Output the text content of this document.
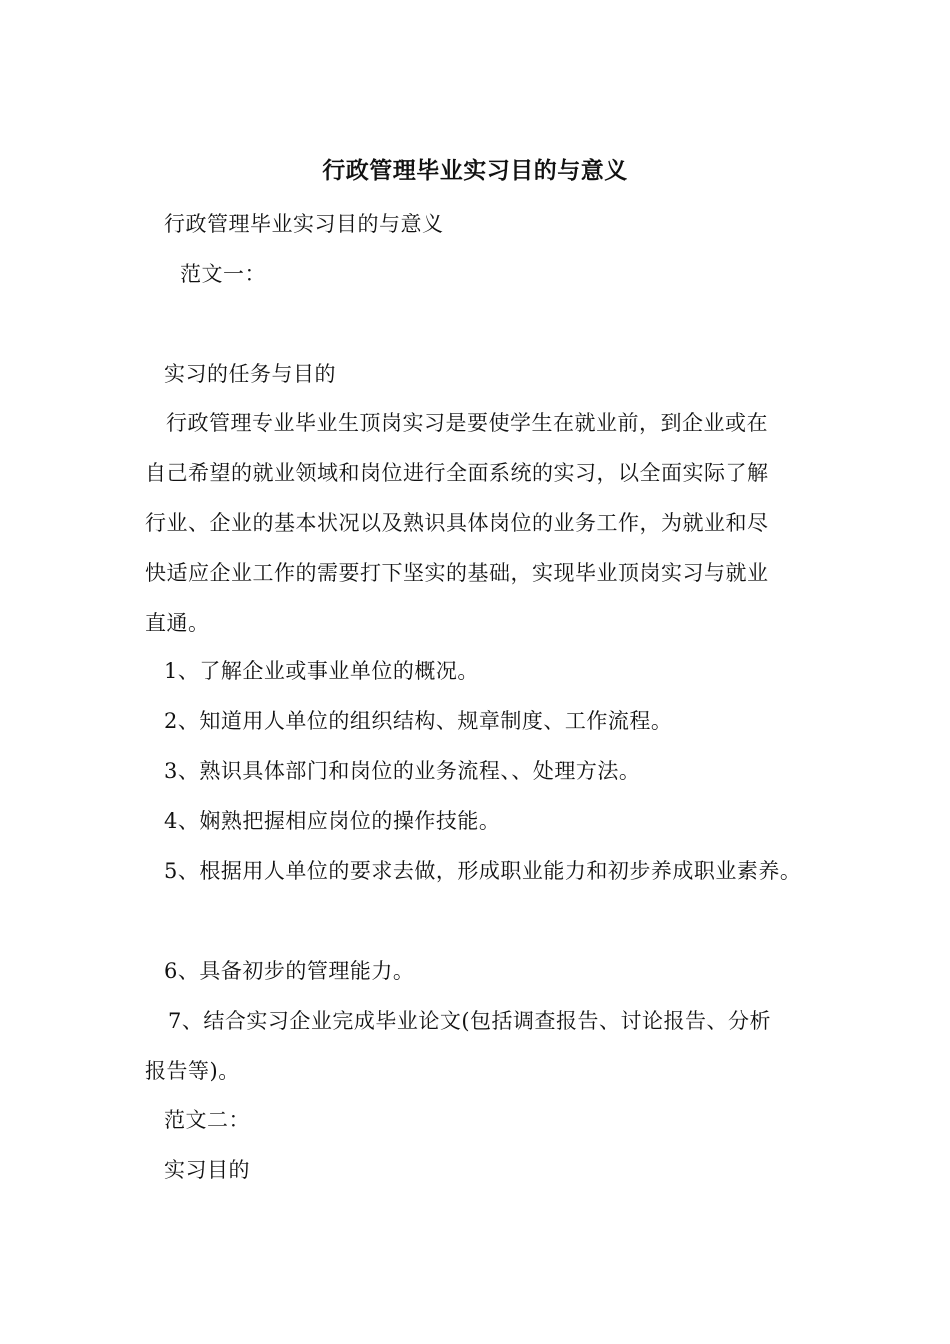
行政管理毕业实习目的与意义
行政管理毕业实习目的与意义
范文一：
实习的任务与目的
行政管理专业毕业生顶岗实习是要使学生在就业前，到企业或在
自己希望的就业领域和岗位进行全面系统的实习，以全面实际了解
行业、企业的基本状况以及熟识具体岗位的业务工作，为就业和尽
快适应企业工作的需要打下坚实的基础，实现毕业顶岗实习与就业
直通。
1、了解企业或事业单位的概况。
2、知道用人单位的组织结构、规章制度、工作流程。
3、熟识具体部门和岗位的业务流程、、处理方法。
4、娴熟把握相应岗位的操作技能。
5、根据用人单位的要求去做，形成职业能力和初步养成职业素养。
6、具备初步的管理能力。
7、结合实习企业完成毕业论文(包括调查报告、讨论报告、分析
报告等)。
范文二：
实习目的
